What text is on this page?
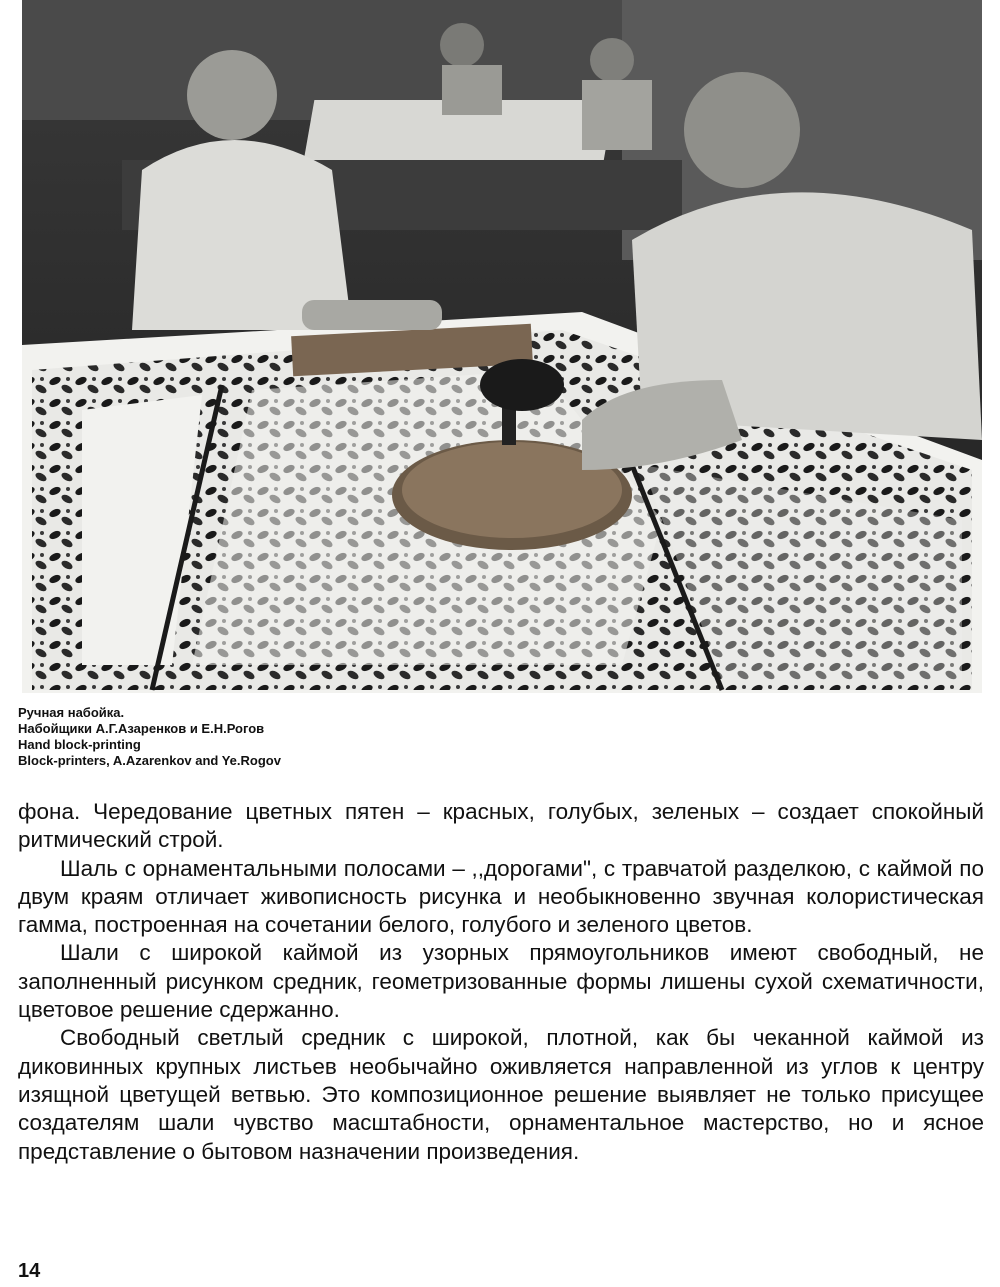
Ручная набойка.
Набойщики А.Г.Азаренков и Е.Н.Рогов
Hand block-printing
Block-printers, A.Azarenkov and Ye.Rogov

фона. Чередование цветных пятен – красных, голубых, зеленых – создает спокойный ритмический строй.

Шаль с орнаментальными полосами – ,,дорогами", с травчатой разделкою, с каймой по двум краям отличает живописность рисунка и необыкновенно звучная колористическая гамма, построенная на сочетании белого, голубого и зеленого цветов.

Шали с широкой каймой из узорных прямоугольников имеют свободный, не заполненный рисунком средник, геометризованные формы лишены сухой схематичности, цветовое решение сдержанно.

Свободный светлый средник с широкой, плотной, как бы чеканной каймой из диковинных крупных листьев необычайно оживляется направленной из углов к центру изящной цветущей ветвью. Это композиционное решение выявляет не только присущее создателям шали чувство масштабности, орнаментальное мастерство, но и ясное представление о бытовом назначении произведения.

14
